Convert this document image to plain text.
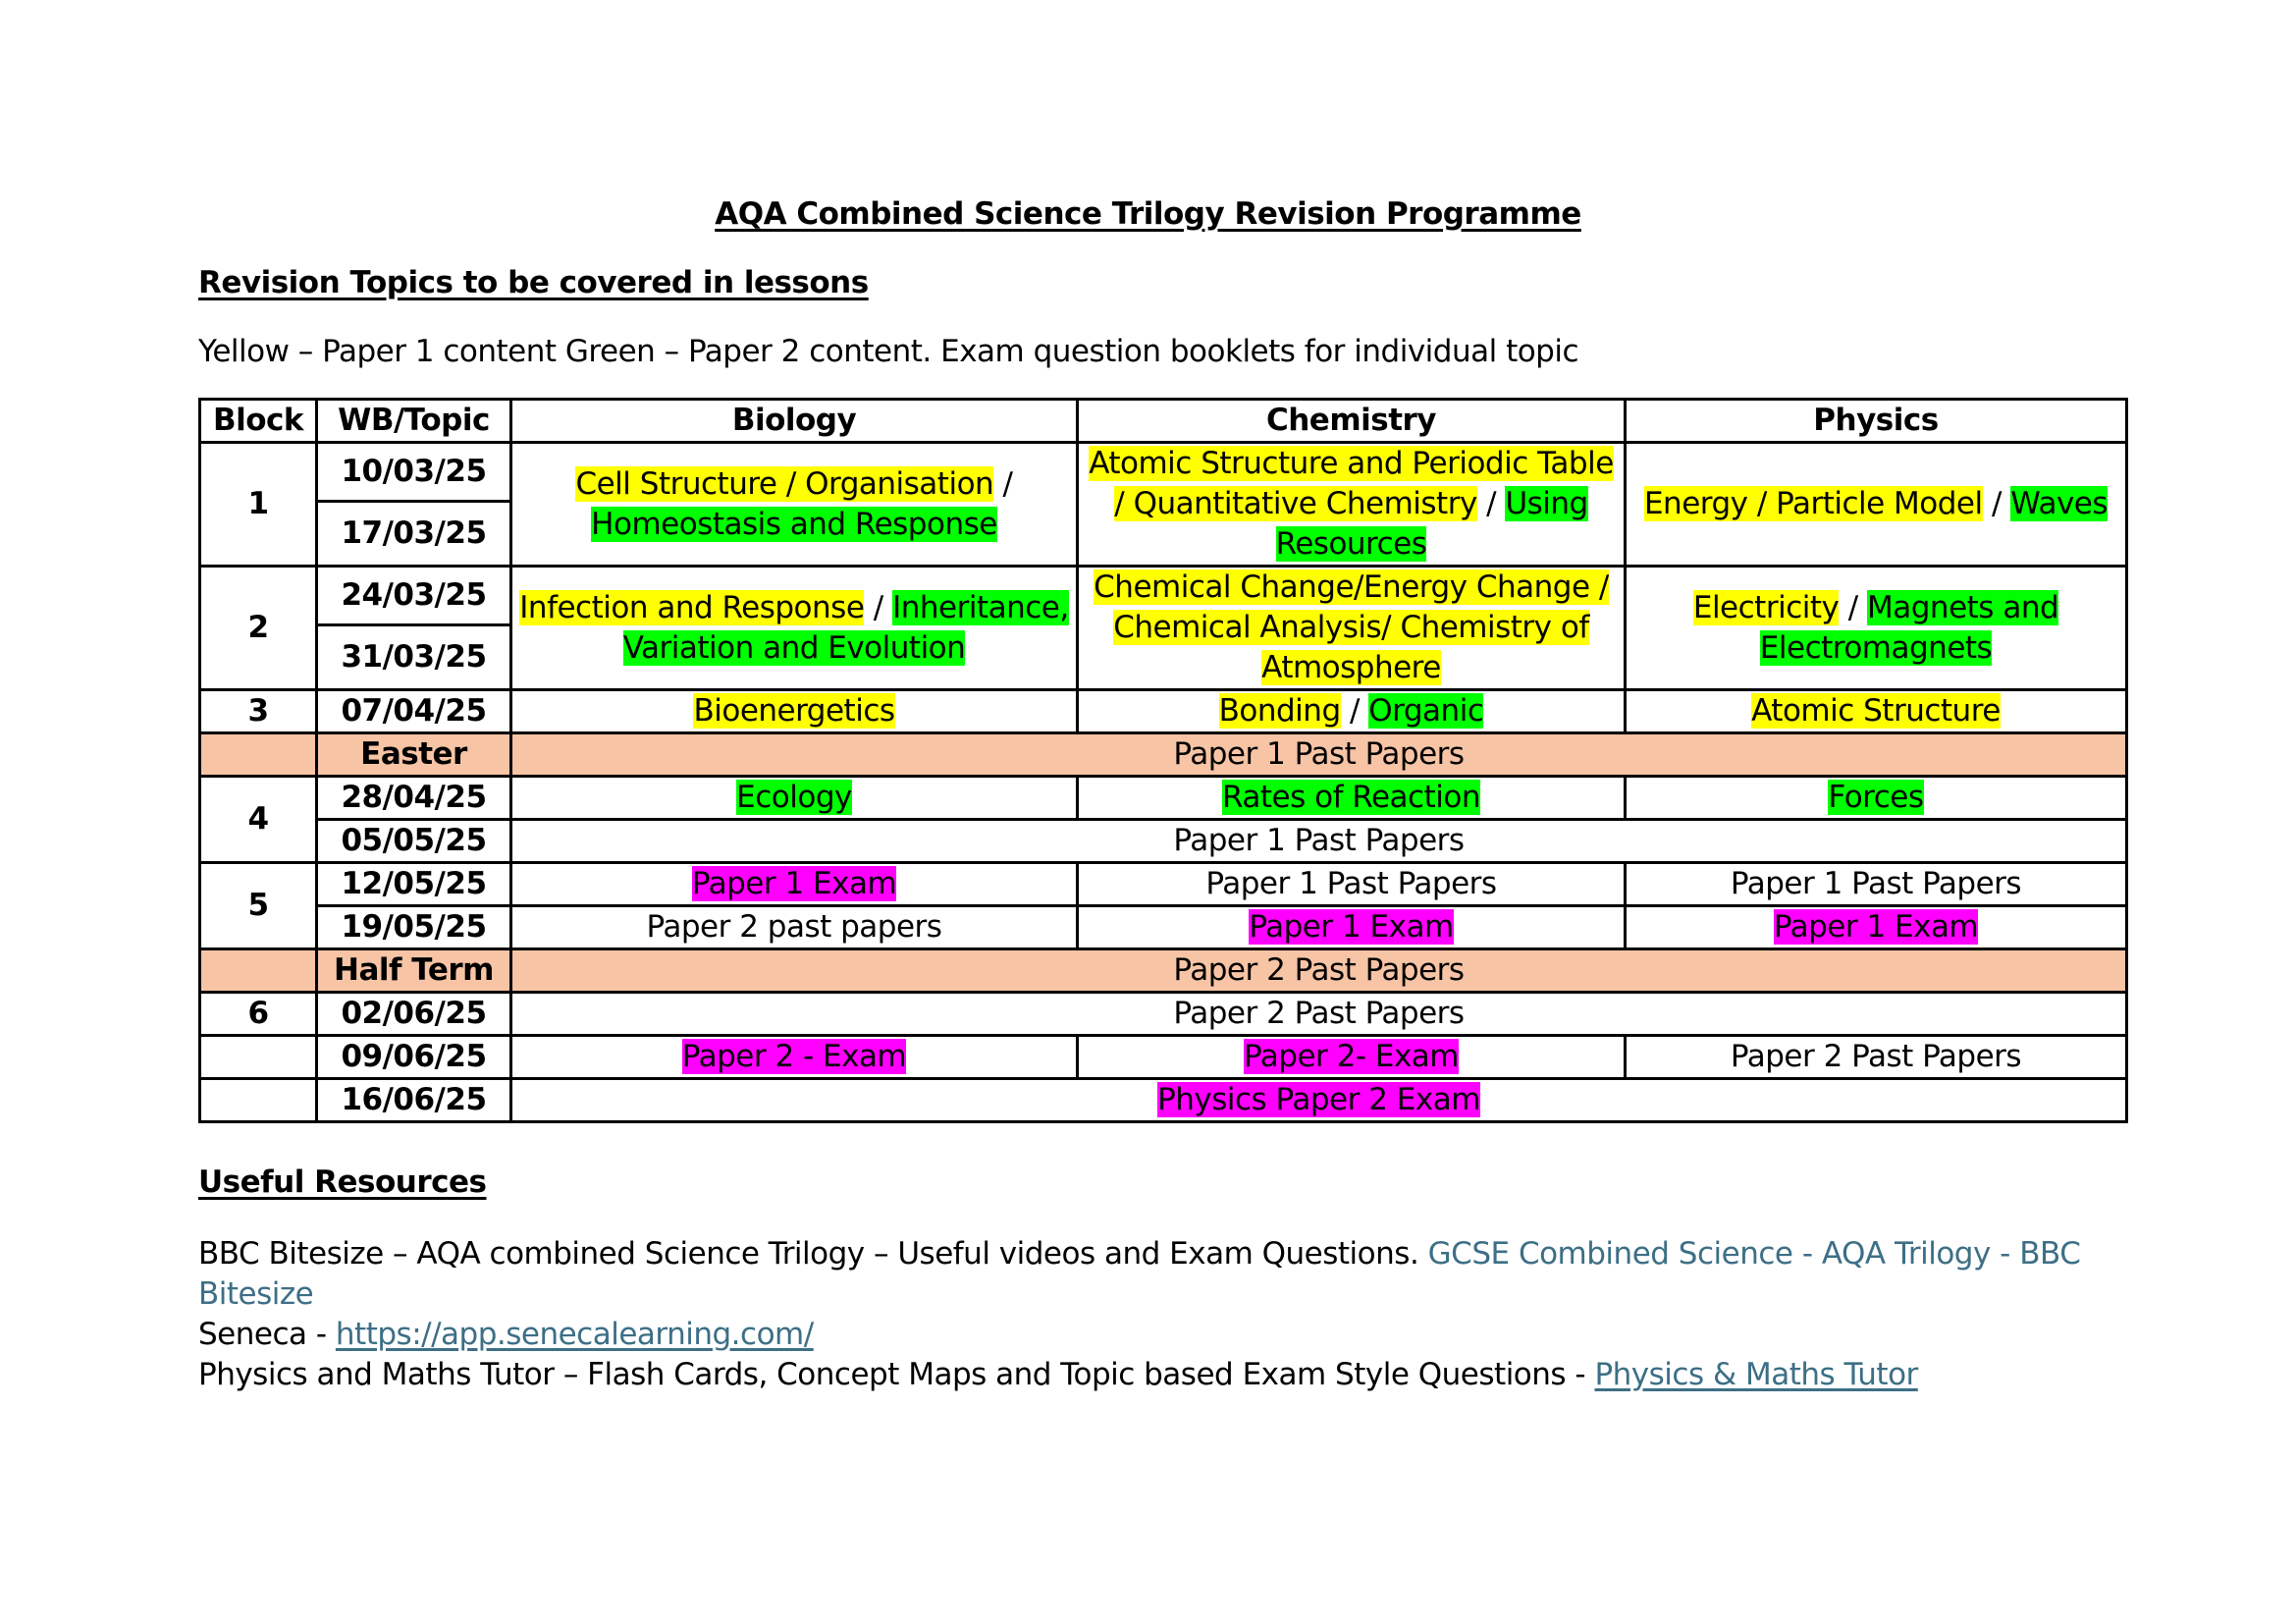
AQA Combined Science Trilogy Revision Programme
Revision Topics to be covered in lessons
Yellow – Paper 1 content Green – Paper 2 content. Exam question booklets for individual topic
Block	WB/Topic	Biology	Chemistry	Physics
1	10/03/25	Cell Structure / Organisation / Homeostasis and Response	Atomic Structure and Periodic Table / Quantitative Chemistry / Using Resources	Energy / Particle Model / Waves
	17/03/25			
2	24/03/25	Infection and Response / Inheritance, Variation and Evolution	Chemical Change/Energy Change / Chemical Analysis/ Chemistry of Atmosphere	Electricity / Magnets and Electromagnets
	31/03/25			
3	07/04/25	Bioenergetics	Bonding / Organic	Atomic Structure
	Easter	Paper 1 Past Papers		
4	28/04/25	Ecology	Rates of Reaction	Forces
	05/05/25	Paper 1 Past Papers		
5	12/05/25	Paper 1 Exam	Paper 1 Past Papers	Paper 1 Past Papers
	19/05/25	Paper 2 past papers	Paper 1 Exam	Paper 1 Exam
	Half Term	Paper 2 Past Papers		
6	02/06/25	Paper 2 Past Papers		
	09/06/25	Paper 2 - Exam	Paper 2- Exam	Paper 2 Past Papers
	16/06/25	Physics Paper 2 Exam		
Useful Resources
BBC Bitesize – AQA combined Science Trilogy – Useful videos and Exam Questions. GCSE Combined Science - AQA Trilogy - BBC
Bitesize
Seneca - https://app.senecalearning.com/
Physics and Maths Tutor – Flash Cards, Concept Maps and Topic based Exam Style Questions - Physics & Maths Tutor
